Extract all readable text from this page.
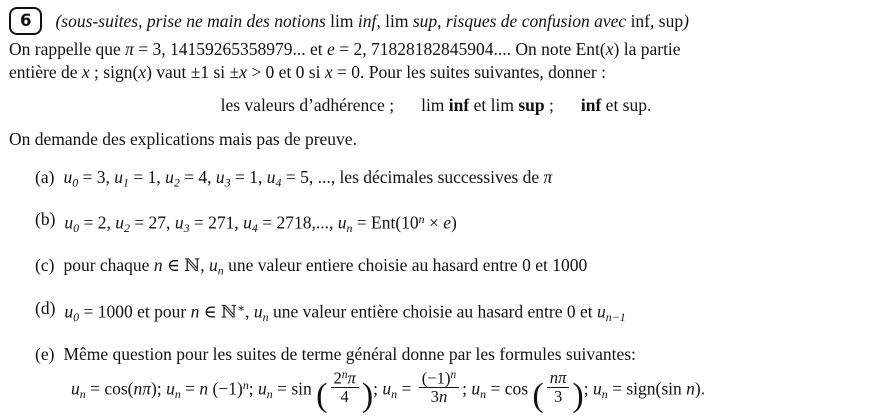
6	(sous-suites, prise ne main des notions lim inf, lim sup, risques de confusion avec inf, sup)
On rappelle que π = 3, 14159265358979... et e = 2, 71828182845904.... On note Ent(x) la partie
entière de x ; sign(x) vaut ±1 si ±x > 0 et 0 si x = 0. Pour les suites suivantes, donner :
les valeurs d’adhérence ; lim inf et lim sup ; inf et sup.
On demande des explications mais pas de preuve.
(a) u0 = 3, u1 = 1, u2 = 4, u3 = 1, u4 = 5, ..., les décimales successives de π
(b) u0 = 2, u2 = 27, u3 = 271, u4 = 2718,..., un = $Ent(10^n \times e)$
(c) pour chaque n ∈ ℕ, un une valeur entiere choisie au hasard entre 0 et 1000
(d) u0 = 1000 et pour n ∈ ℕ∗, un une valeur entière choisie au hasard entre 0 et un−1
(e) Même question pour les suites de terme général donne par les formules suivantes:
un = cos(nπ); un = n $(-1)^n$; un = sin ( $\frac{2^n\pi}{4}$ ); un = $\frac{(-1)^n}{3n}$ ; un = cos ( $\frac{n\pi}{3}$ ); un = sign(sin n).
